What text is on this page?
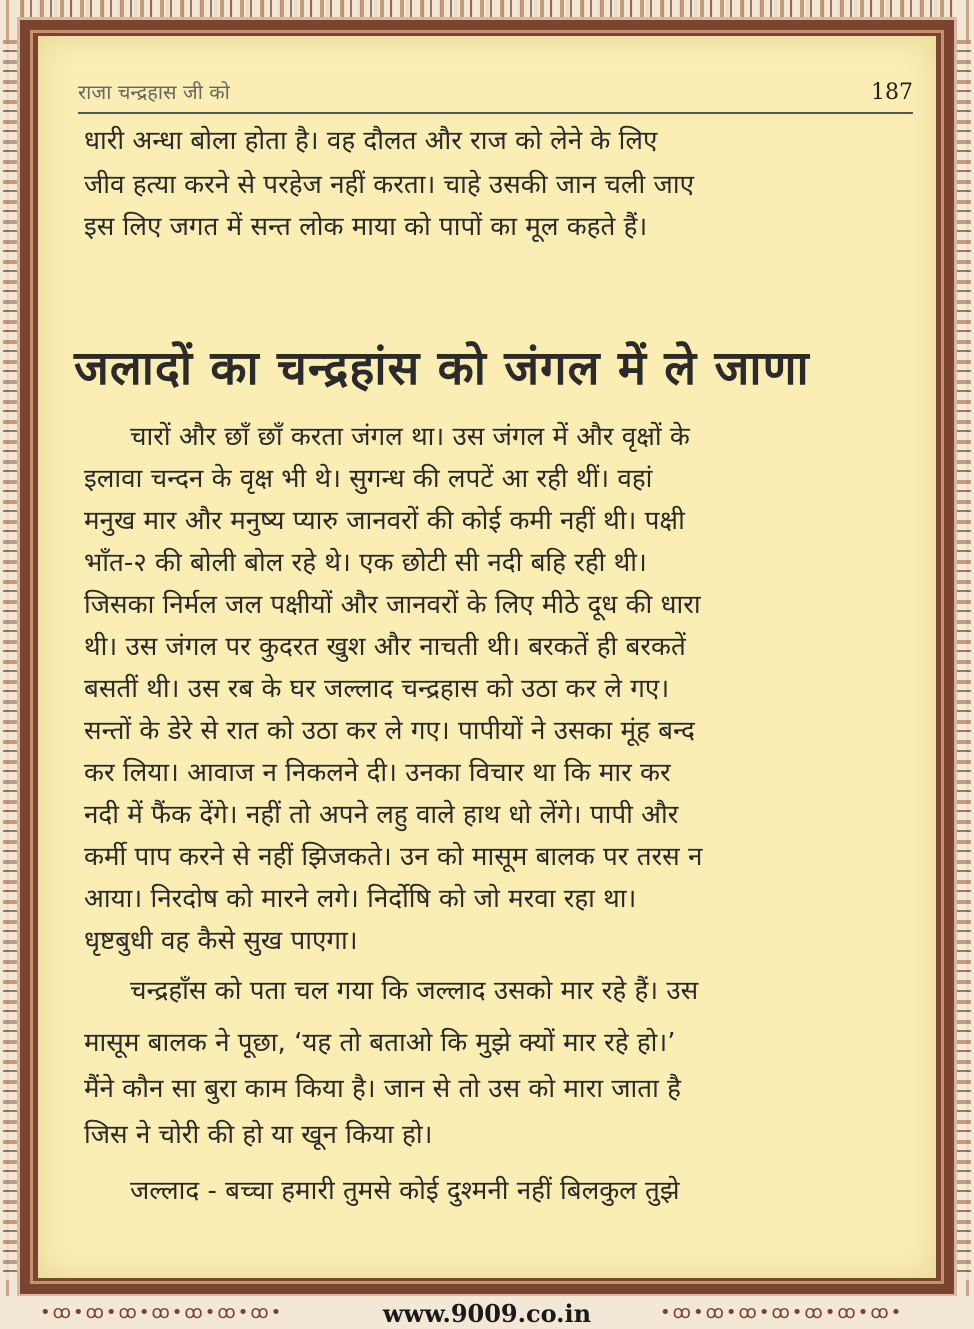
राजा चन्द्रहास जी को	187
धारी अन्धा बोला होता है। वह दौलत और राज को लेने के लिए
जीव हत्या करने से परहेज नहीं करता। चाहे उसकी जान चली जाए
इस लिए जगत में सन्त लोक माया को पापों का मूल कहते हैं।
जलादों का चन्द्रहांस को जंगल में ले जाणा
चारों और छाँ छाँ करता जंगल था। उस जंगल में और वृक्षों के
इलावा चन्दन के वृक्ष भी थे। सुगन्ध की लपटें आ रही थीं। वहां
मनुख मार और मनुष्य प्यारु जानवरों की कोई कमी नहीं थी। पक्षी
भाँत-२ की बोली बोल रहे थे। एक छोटी सी नदी बहि रही थी।
जिसका निर्मल जल पक्षीयों और जानवरों के लिए मीठे दूध की धारा
थी। उस जंगल पर कुदरत खुश और नाचती थी। बरकतें ही बरकतें
बसतीं थी। उस रब के घर जल्लाद चन्द्रहास को उठा कर ले गए।
सन्तों के डेरे से रात को उठा कर ले गए। पापीयों ने उसका मूंह बन्द
कर लिया। आवाज न निकलने दी। उनका विचार था कि मार कर
नदी में फैंक देंगे। नहीं तो अपने लहु वाले हाथ धो लेंगे। पापी और
कर्मी पाप करने से नहीं झिजकते। उन को मासूम बालक पर तरस न
आया। निरदोष को मारने लगे। निर्दोषि को जो मरवा रहा था।
धृष्टबुधी वह कैसे सुख पाएगा।
चन्द्रहाँस को पता चल गया कि जल्लाद उसको मार रहे हैं। उस
मासूम बालक ने पूछा, ‘यह तो बताओ कि मुझे क्यों मार रहे हो।’
मैंने कौन सा बुरा काम किया है। जान से तो उस को मारा जाता है
जिस ने चोरी की हो या खून किया हो।
जल्लाद - बच्चा हमारी तुमसे कोई दुश्मनी नहीं बिलकुल तुझे
•ꝏ•ꝏ•ꝏ•ꝏ•ꝏ•ꝏ•ꝏ•	www.9009.co.in	•ꝏ•ꝏ•ꝏ•ꝏ•ꝏ•ꝏ•ꝏ•
